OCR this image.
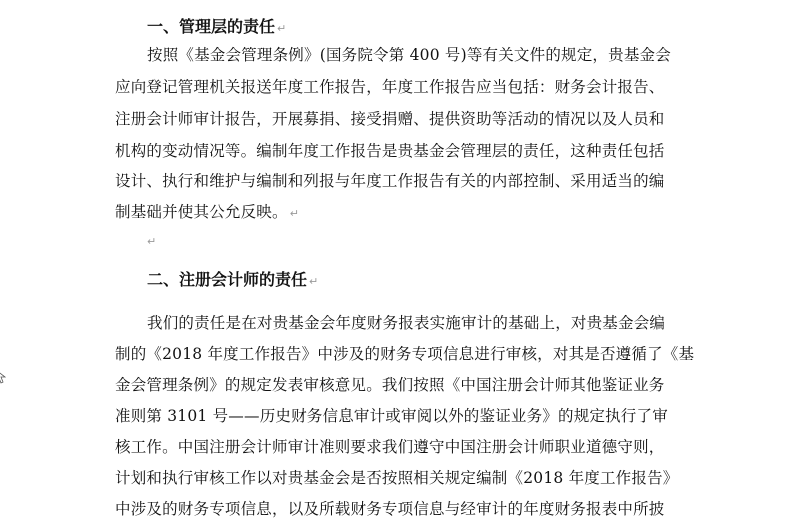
一、管理层的责任 ↵
按照《基金会管理条例》(国务院令第 400 号)等有关文件的规定，贵基金会
应向登记管理机关报送年度工作报告，年度工作报告应当包括：财务会计报告、
注册会计师审计报告，开展募捐、接受捐赠、提供资助等活动的情况以及人员和
机构的变动情况等。编制年度工作报告是贵基金会管理层的责任，这种责任包括
设计、执行和维护与编制和列报与年度工作报告有关的内部控制、采用适当的编
制基础并使其公允反映。 ↵
↵
二、注册会计师的责任 ↵
我们的责任是在对贵基金会年度财务报表实施审计的基础上，对贵基金会编
制的《2018 年度工作报告》中涉及的财务专项信息进行审核，对其是否遵循了《基
金会管理条例》的规定发表审核意见。我们按照《中国注册会计师其他鉴证业务
准则第 3101 号——历史财务信息审计或审阅以外的鉴证业务》的规定执行了审
核工作。中国注册会计师审计准则要求我们遵守中国注册会计师职业道德守则，
计划和执行审核工作以对贵基金会是否按照相关规定编制《2018 年度工作报告》
中涉及的财务专项信息，以及所载财务专项信息与经审计的年度财务报表中所披
